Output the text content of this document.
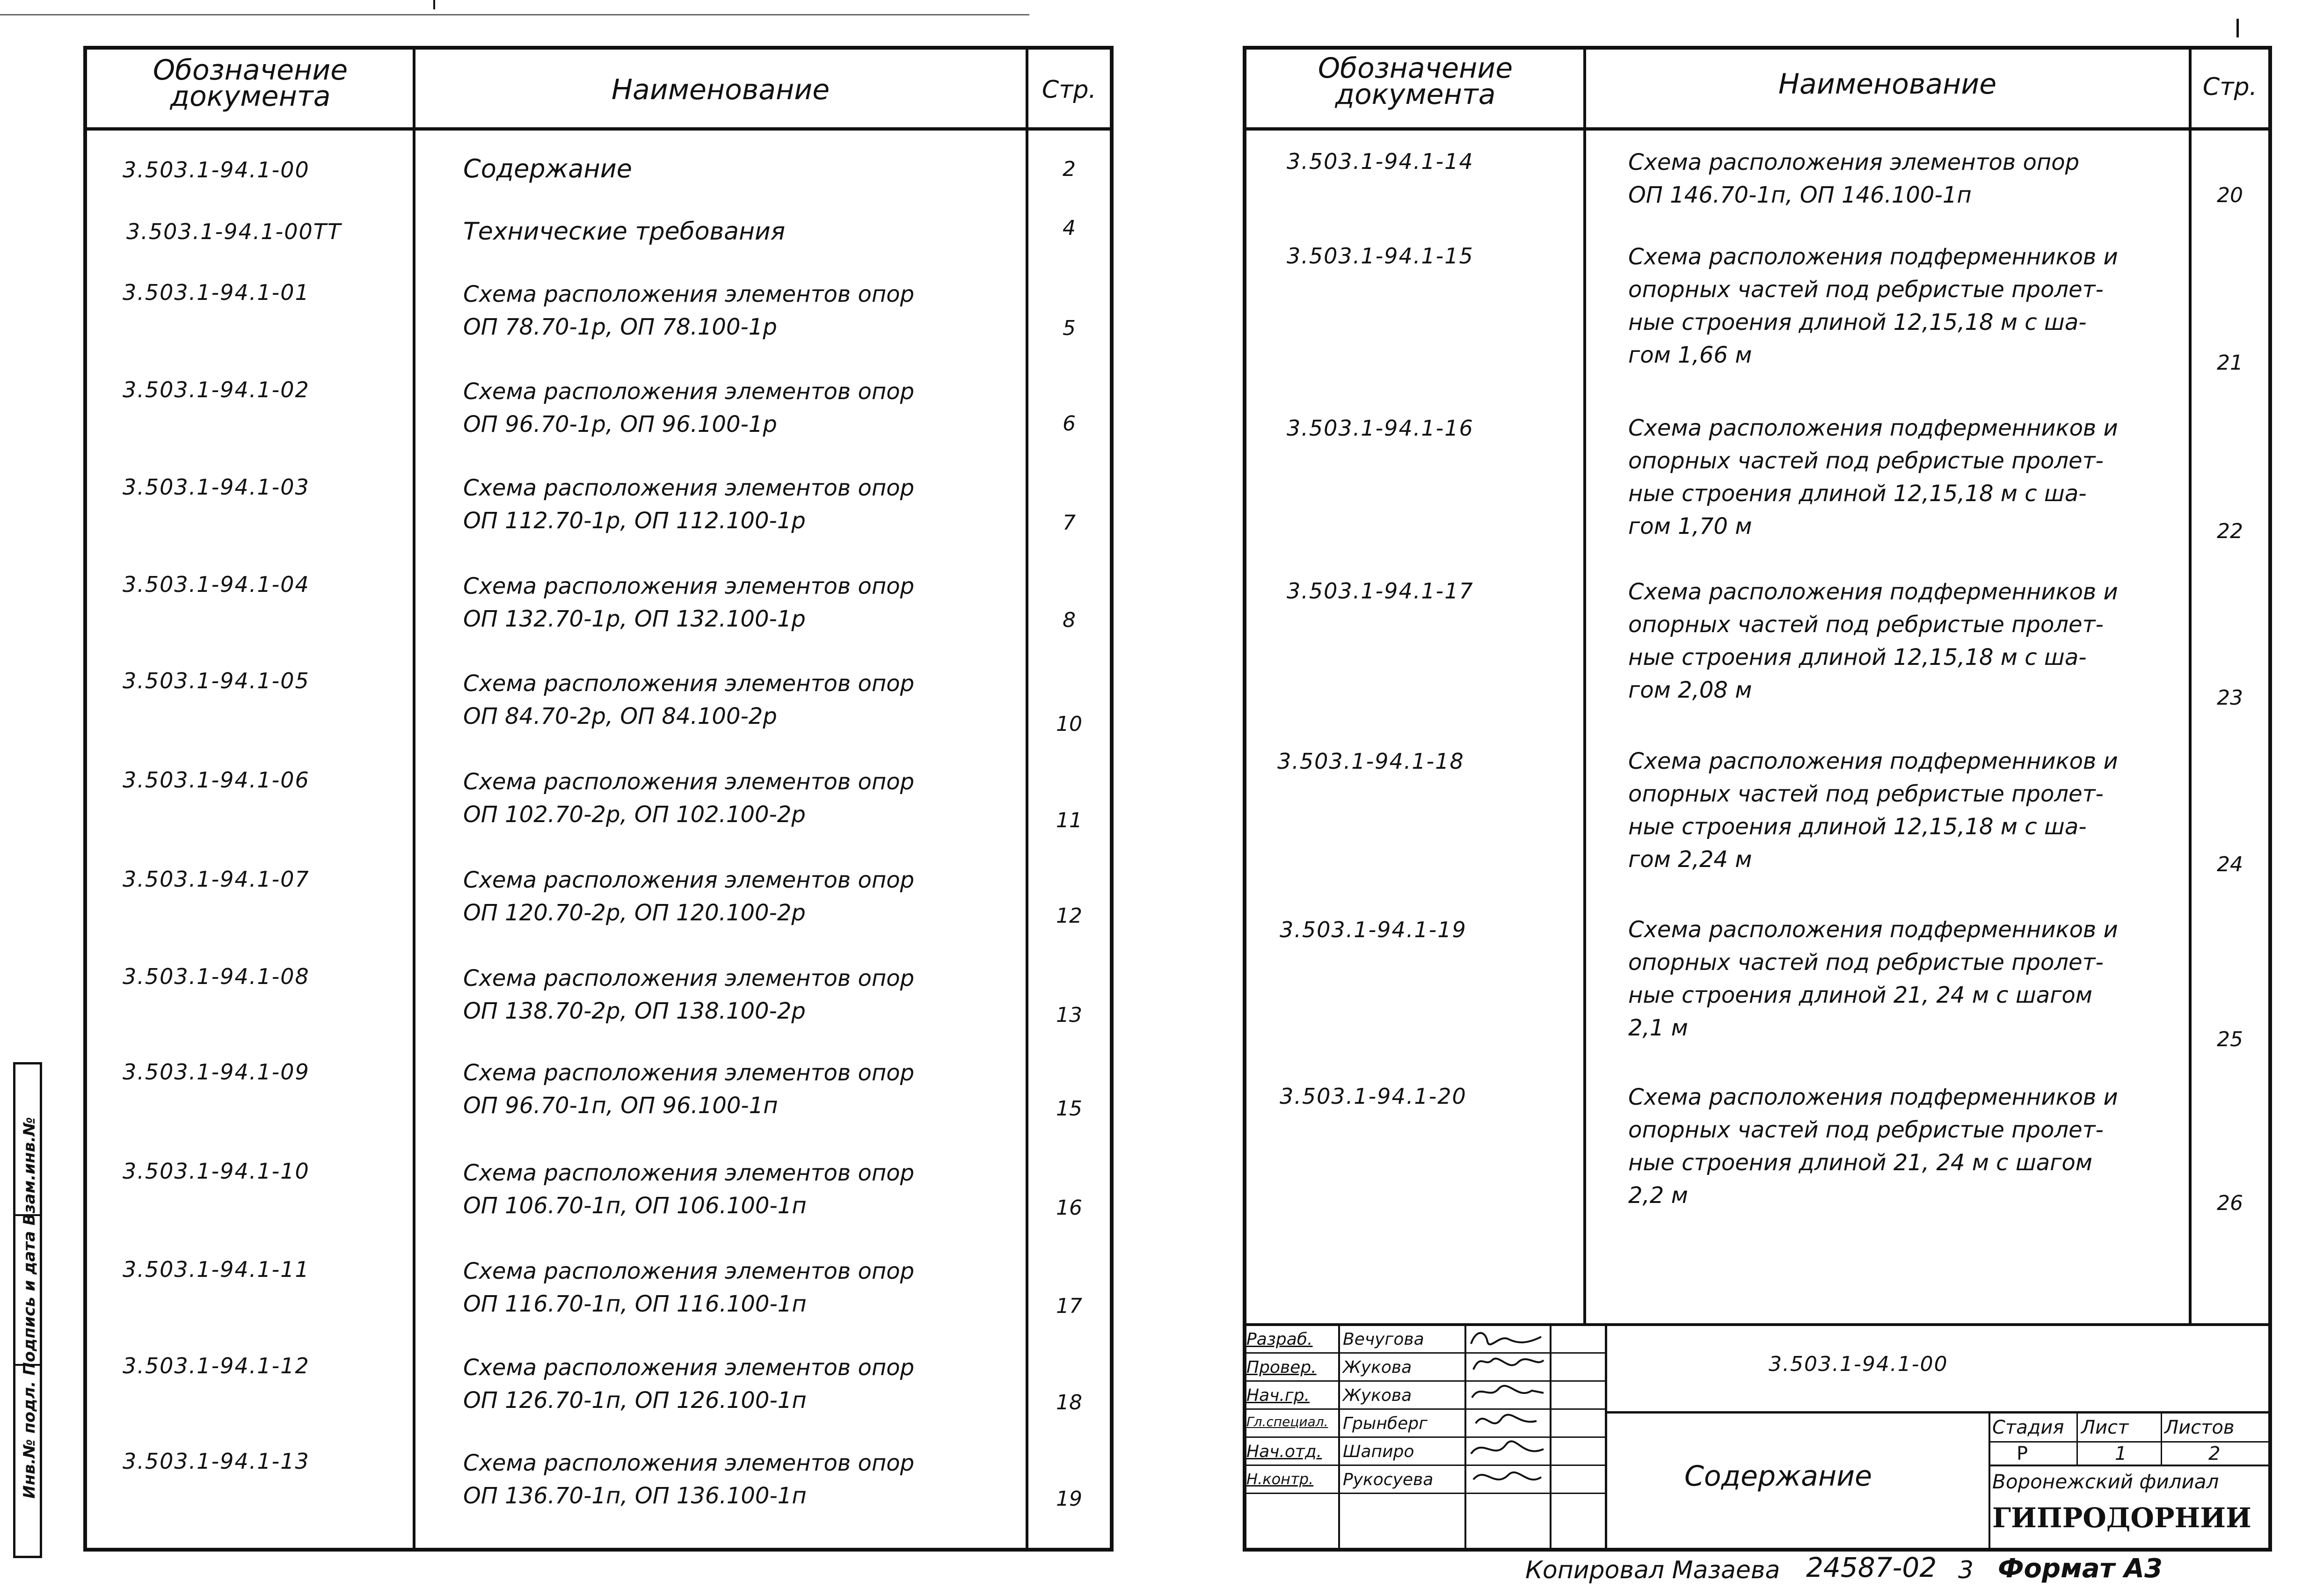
Обозначение
документа	Наименование	Стр.
Обозначение
документа	Наименование	Стр.
3.503.1-94.1-00	Содержание	2
3.503.1-94.1-00ТТ	Технические требования	4
3.503.1-94.1-01	Схема расположения элементов опор
ОП 78.70-1р, ОП 78.100-1р	5
3.503.1-94.1-02	Схема расположения элементов опор
ОП 96.70-1р, ОП 96.100-1р	6
3.503.1-94.1-03	Схема расположения элементов опор
ОП 112.70-1р, ОП 112.100-1р	7
3.503.1-94.1-04	Схема расположения элементов опор
ОП 132.70-1р, ОП 132.100-1р	8
3.503.1-94.1-05	Схема расположения элементов опор
ОП 84.70-2р, ОП 84.100-2р	10
3.503.1-94.1-06	Схема расположения элементов опор
ОП 102.70-2р, ОП 102.100-2р	11
3.503.1-94.1-07	Схема расположения элементов опор
ОП 120.70-2р, ОП 120.100-2р	12
3.503.1-94.1-08	Схема расположения элементов опор
ОП 138.70-2р, ОП 138.100-2р	13
3.503.1-94.1-09	Схема расположения элементов опор
ОП 96.70-1п, ОП 96.100-1п	15
3.503.1-94.1-10	Схема расположения элементов опор
ОП 106.70-1п, ОП 106.100-1п	16
3.503.1-94.1-11	Схема расположения элементов опор
ОП 116.70-1п, ОП 116.100-1п	17
3.503.1-94.1-12	Схема расположения элементов опор
ОП 126.70-1п, ОП 126.100-1п	18
3.503.1-94.1-13	Схема расположения элементов опор
ОП 136.70-1п, ОП 136.100-1п	19
3.503.1-94.1-14	Схема расположения элементов опор
ОП 146.70-1п, ОП 146.100-1п	20
3.503.1-94.1-15	Схема расположения подферменников и
опорных частей под ребристые пролет-
ные строения длиной 12,15,18 м с ша-
гом 1,66 м	21
3.503.1-94.1-16	Схема расположения подферменников и
опорных частей под ребристые пролет-
ные строения длиной 12,15,18 м с ша-
гом 1,70 м	22
3.503.1-94.1-17	Схема расположения подферменников и
опорных частей под ребристые пролет-
ные строения длиной 12,15,18 м с ша-
гом 2,08 м	23
3.503.1-94.1-18	Схема расположения подферменников и
опорных частей под ребристые пролет-
ные строения длиной 12,15,18 м с ша-
гом 2,24 м	24
3.503.1-94.1-19	Схема расположения подферменников и
опорных частей под ребристые пролет-
ные строения длиной 21, 24 м с шагом
2,1 м	25
3.503.1-94.1-20	Схема расположения подферменников и
опорных частей под ребристые пролет-
ные строения длиной 21, 24 м с шагом
2,2 м	26
Разраб. Вечугова
Провер. Жукова
Нач.гр. Жукова
Гл.специал. Грынберг
Нач.отд. Шапиро
Н.контр. Рукосуева
3.503.1-94.1-00
Содержание
Стадия Лист Листов
Р	1	2
Воронежский филиал
ГИПРОДОРНИИ
Инв.№ подл. Подпись и дата Взам.инв.№
Копировал Мазаева 24587-02 3 Формат А3
